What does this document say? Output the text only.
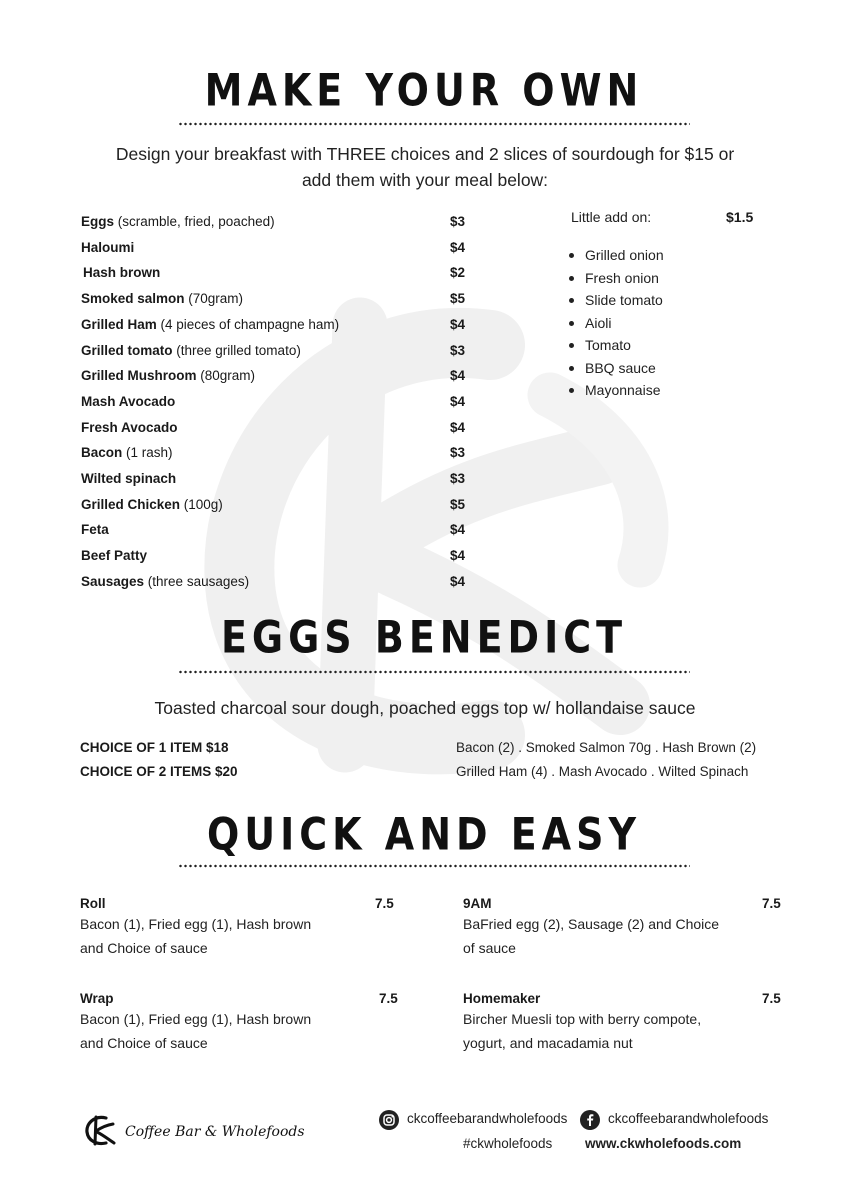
MAKE YOUR OWN
Design your breakfast with THREE choices and 2 slices of sourdough for $15 or
add them with your meal below:
Eggs (scramble, fried, poached)	$3
Haloumi	$4
Hash brown	$2
Smoked salmon (70gram)	$5
Grilled Ham (4 pieces of champagne ham)	$4
Grilled tomato (three grilled tomato)	$3
Grilled Mushroom (80gram)	$4
Mash Avocado	$4
Fresh Avocado	$4
Bacon (1 rash)	$3
Wilted spinach	$3
Grilled Chicken (100g)	$5
Feta	$4
Beef Patty	$4
Sausages (three sausages)	$4
Little add on:	$1.5
Grilled onion
Fresh onion
Slide tomato
Aioli
Tomato
BBQ sauce
Mayonnaise
EGGS BENEDICT
Toasted charcoal sour dough, poached eggs top w/ hollandaise sauce
CHOICE OF 1 ITEM $18
CHOICE OF 2 ITEMS $20
Bacon (2) . Smoked Salmon 70g . Hash Brown (2)
Grilled Ham (4) . Mash Avocado . Wilted Spinach
QUICK AND EASY
Roll	7.5
Bacon (1), Fried egg (1), Hash brown
and Choice of sauce
9AM	7.5
BaFried egg (2), Sausage (2) and Choice
of sauce
Wrap	7.5
Bacon (1), Fried egg (1), Hash brown
and Choice of sauce
Homemaker	7.5
Bircher Muesli top with berry compote,
yogurt, and macadamia nut
Coffee Bar & Wholefoods
ckcoffeebarandwholefoods	ckcoffeebarandwholefoods
#ckwholefoods www.ckwholefoods.com
